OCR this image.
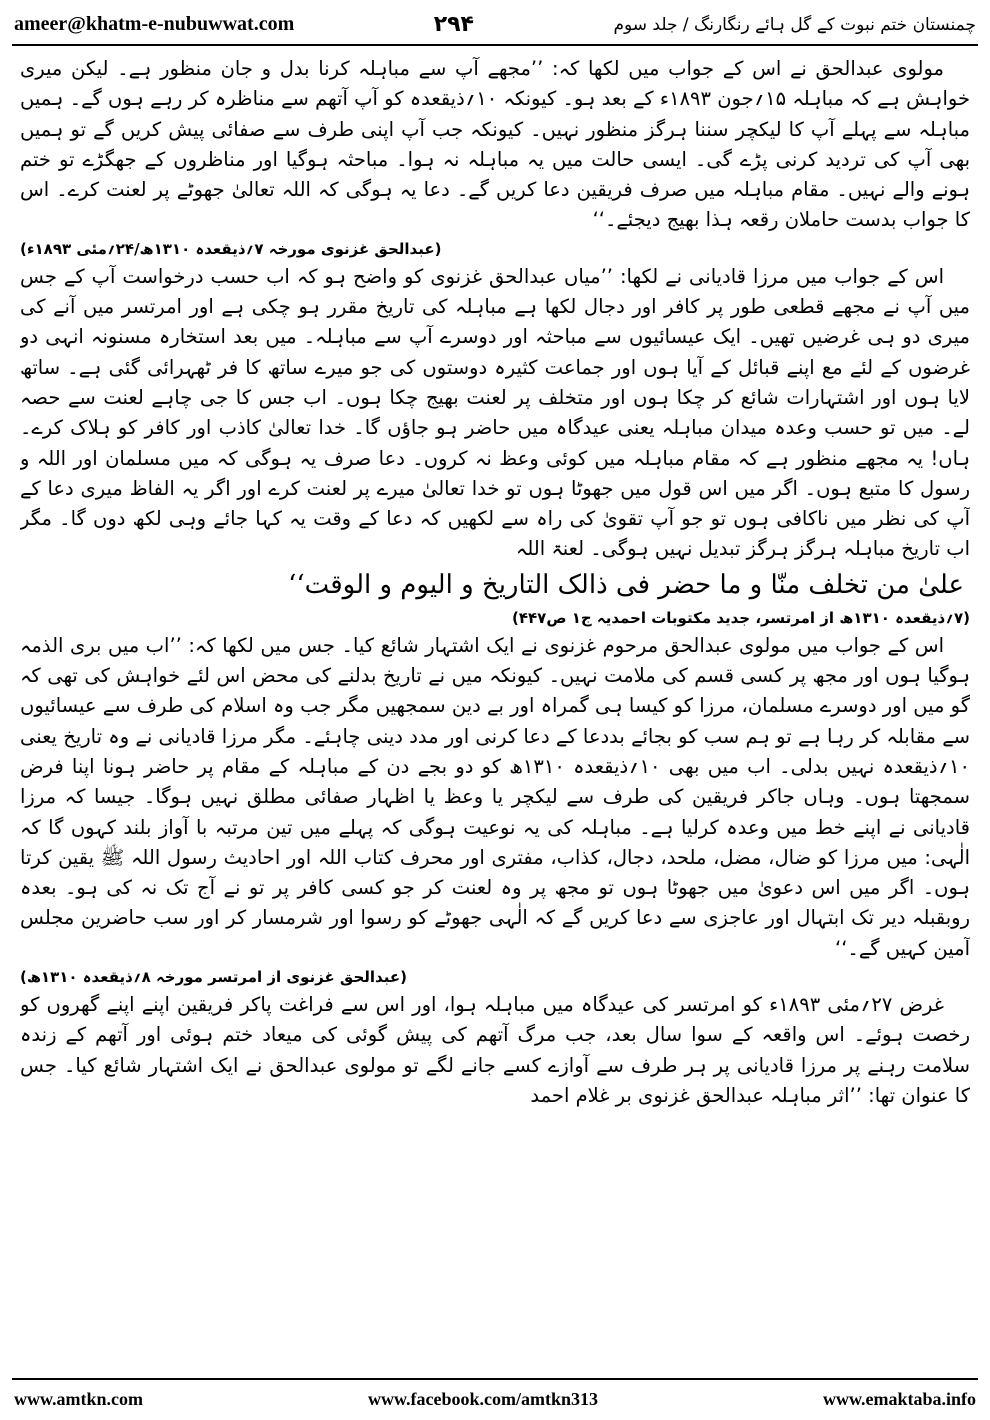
ameer@khatm-e-nubuwwat.com	۲۹۴	چمنستان ختم نبوت کے گل ہائے رنگارنگ / جلد سوم

مولوی عبدالحق نے اس کے جواب میں لکھا کہ: ’’مجھے آپ سے مباہلہ کرنا بدل و جان منظور ہے۔ لیکن میری خواہش ہے کہ مباہلہ ۱۵؍جون ۱۸۹۳ء کے بعد ہو۔ کیونکہ ۱۰؍ذیقعدہ کو آپ آتھم سے مناظرہ کر رہے ہوں گے۔ ہمیں مباہلہ سے پہلے آپ کا لیکچر سننا ہرگز منظور نہیں۔ کیونکہ جب آپ اپنی طرف سے صفائی پیش کریں گے تو ہمیں بھی آپ کی تردید کرنی پڑے گی۔ ایسی حالت میں یہ مباہلہ نہ ہوا۔ مباحثہ ہوگیا اور مناظروں کے جھگڑے تو ختم ہونے والے نہیں۔ مقام مباہلہ میں صرف فریقین دعا کریں گے۔ دعا یہ ہوگی کہ اللہ تعالیٰ جھوٹے پر لعنت کرے۔ اس کا جواب بدست حاملان رقعہ ہذا بھیج دیجئے۔‘‘

(عبدالحق غزنوی مورخہ ۷؍ذیقعدہ ۱۳۱۰ھ/۲۴؍مئی ۱۸۹۳ء)

اس کے جواب میں مرزا قادیانی نے لکھا: ’’میاں عبدالحق غزنوی کو واضح ہو کہ اب حسب درخواست آپ کے جس میں آپ نے مجھے قطعی طور پر کافر اور دجال لکھا ہے مباہلہ کی تاریخ مقرر ہو چکی ہے اور امرتسر میں آنے کی میری دو ہی غرضیں تھیں۔ ایک عیسائیوں سے مباحثہ اور دوسرے آپ سے مباہلہ۔ میں بعد استخارہ مسنونہ انہی دو غرضوں کے لئے مع اپنے قبائل کے آیا ہوں اور جماعت کثیرہ دوستوں کی جو میرے ساتھ کا فر ٹھہرائی گئی ہے۔ ساتھ لایا ہوں اور اشتہارات شائع کر چکا ہوں اور متخلف پر لعنت بھیج چکا ہوں۔ اب جس کا جی چاہے لعنت سے حصہ لے۔ میں تو حسب وعدہ میدان مباہلہ یعنی عیدگاہ میں حاضر ہو جاؤں گا۔ خدا تعالیٰ کاذب اور کافر کو ہلاک کرے۔ ہاں! یہ مجھے منظور ہے کہ مقام مباہلہ میں کوئی وعظ نہ کروں۔ دعا صرف یہ ہوگی کہ میں مسلمان اور اللہ و رسول کا متبع ہوں۔ اگر میں اس قول میں جھوٹا ہوں تو خدا تعالیٰ میرے پر لعنت کرے اور اگر یہ الفاظ میری دعا کے آپ کی نظر میں ناکافی ہوں تو جو آپ تقویٰ کی راہ سے لکھیں کہ دعا کے وقت یہ کہا جائے وہی لکھ دوں گا۔ مگر اب تاریخ مباہلہ ہرگز ہرگز تبدیل نہیں ہوگی۔ لعنۃ اللہ

علیٰ من تخلف منّا و ما حضر فی ذالک التاریخ و الیوم و الوقت‘‘

(۷؍ذیقعدہ ۱۳۱۰ھ از امرتسر، جدید مکتوبات احمدیہ ج۱ ص۴۴۷)

اس کے جواب میں مولوی عبدالحق مرحوم غزنوی نے ایک اشتہار شائع کیا۔ جس میں لکھا کہ: ’’اب میں بری الذمہ ہوگیا ہوں اور مجھ پر کسی قسم کی ملامت نہیں۔ کیونکہ میں نے تاریخ بدلنے کی محض اس لئے خواہش کی تھی کہ گو میں اور دوسرے مسلمان، مرزا کو کیسا ہی گمراہ اور بے دین سمجھیں مگر جب وہ اسلام کی طرف سے عیسائیوں سے مقابلہ کر رہا ہے تو ہم سب کو بجائے بددعا کے دعا کرنی اور مدد دینی چاہئے۔ مگر مرزا قادیانی نے وہ تاریخ یعنی ۱۰؍ذیقعدہ نہیں بدلی۔ اب میں بھی ۱۰؍ذیقعدہ ۱۳۱۰ھ کو دو بجے دن کے مباہلہ کے مقام پر حاضر ہونا اپنا فرض سمجھتا ہوں۔ وہاں جاکر فریقین کی طرف سے لیکچر یا وعظ یا اظہار صفائی مطلق نہیں ہوگا۔ جیسا کہ مرزا قادیانی نے اپنے خط میں وعدہ کرلیا ہے۔ مباہلہ کی یہ نوعیت ہوگی کہ پہلے میں تین مرتبہ با آواز بلند کہوں گا کہ الٰہی: میں مرزا کو ضال، مضل، ملحد، دجال، کذاب، مفتری اور محرف کتاب اللہ اور احادیث رسول اللہ ﷺ یقین کرتا ہوں۔ اگر میں اس دعویٰ میں جھوٹا ہوں تو مجھ پر وہ لعنت کر جو کسی کافر پر تو نے آج تک نہ کی ہو۔ بعدہ روبقبلہ دیر تک ابتہال اور عاجزی سے دعا کریں گے کہ الٰہی جھوٹے کو رسوا اور شرمسار کر اور سب حاضرین مجلس آمین کہیں گے۔‘‘

(عبدالحق غزنوی از امرتسر مورخہ ۸؍ذیقعدہ ۱۳۱۰ھ)

غرض ۲۷؍مئی ۱۸۹۳ء کو امرتسر کی عیدگاہ میں مباہلہ ہوا، اور اس سے فراغت پاکر فریقین اپنے اپنے گھروں کو رخصت ہوئے۔ اس واقعہ کے سوا سال بعد، جب مرگ آتھم کی پیش گوئی کی میعاد ختم ہوئی اور آتھم کے زندہ سلامت رہنے پر مرزا قادیانی پر ہر طرف سے آوازے کسے جانے لگے تو مولوی عبدالحق نے ایک اشتہار شائع کیا۔ جس کا عنوان تھا: ’’اثر مباہلہ عبدالحق غزنوی بر غلام احمد

www.amtkn.com	www.facebook.com/amtkn313	www.emaktaba.info
